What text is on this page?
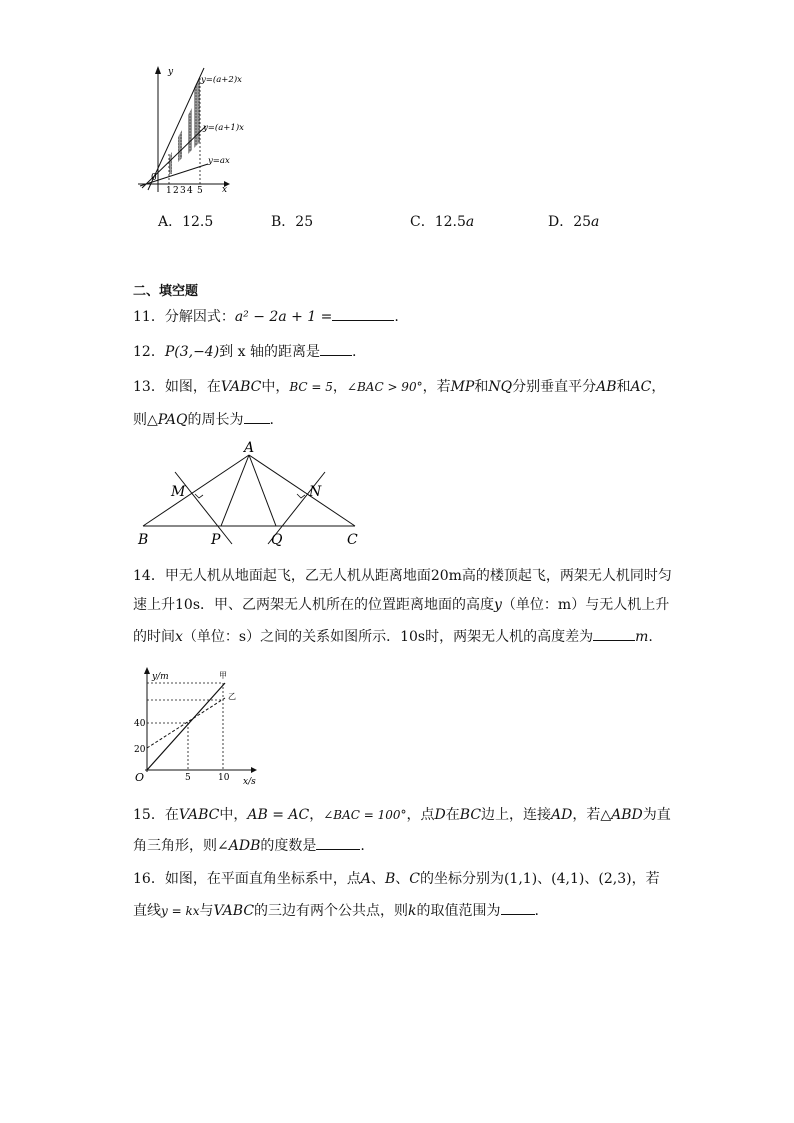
y
x
0
y=(a+2)x
y=(a+1)x
y=ax
1 2 3 4 5
A．12.5	B．25	C．12.5a	D．25a
二、填空题
11．分解因式：a² − 2a + 1 =	.
12．P(3,−4)到 x 轴的距离是 .
13．如图，在VABC中，BC = 5，∠BAC > 90°，若MP和NQ分别垂直平分AB和AC，
则△PAQ的周长为 .
A
B	C
M	N
P	Q
14．甲无人机从地面起飞，乙无人机从距离地面20m高的楼顶起飞，两架无人机同时匀
速上升10s．甲、乙两架无人机所在的位置距离地面的高度y（单位：m）与无人机上升
的时间x（单位：s）之间的关系如图所示．10s时，两架无人机的高度差为	m.
y/m
x/s
O
40
20
5	10
甲
乙
15．在VABC中，AB = AC，∠BAC = 100°，点D在BC边上，连接AD，若△ABD为直
角三角形，则∠ADB的度数是	.
16．如图，在平面直角坐标系中，点A、B、C的坐标分别为(1,1)、(4,1)、(2,3)，若
直线y = kx与VABC的三边有两个公共点，则k的取值范围为 .
